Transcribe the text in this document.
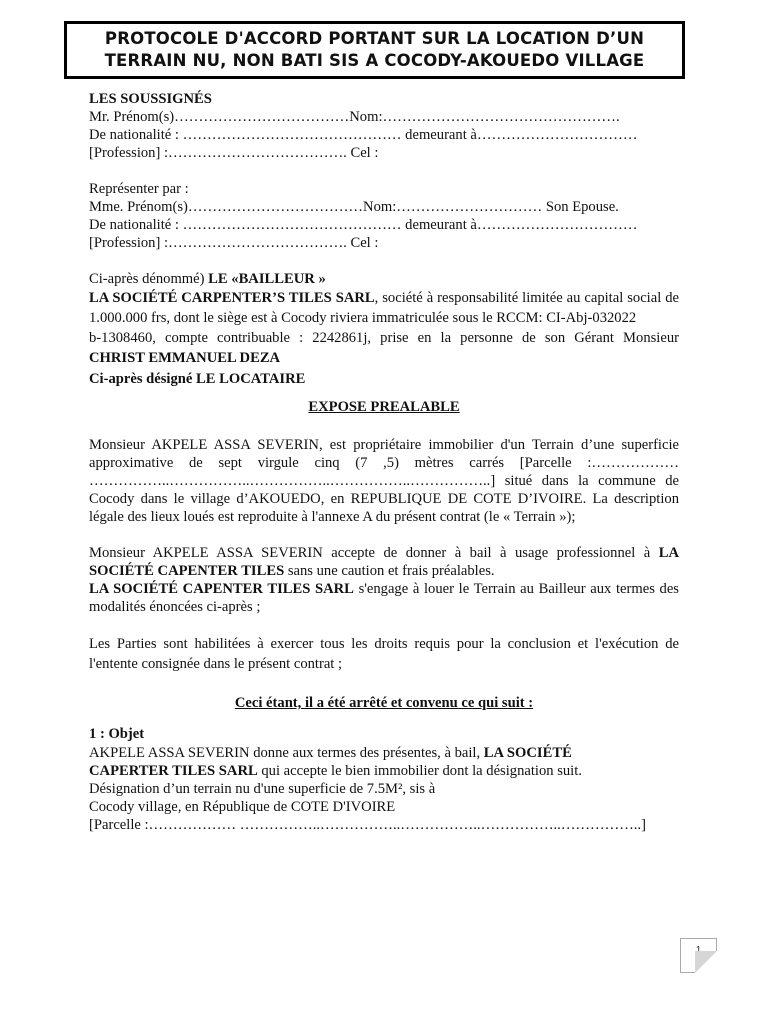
PROTOCOLE D'ACCORD PORTANT SUR LA LOCATION D’UN
TERRAIN NU, NON BATI SIS A COCODY-AKOUEDO VILLAGE
LES SOUSSIGNÉS
Mr. Prénom(s)………………………………Nom:………………………………………….
De nationalité : ……………………………………… demeurant à……………………………
[Profession] :………………………………. Cel :
Représenter par :
Mme. Prénom(s)………………………………Nom:………………………… Son Epouse.
De nationalité : ……………………………………… demeurant à……………………………
[Profession] :………………………………. Cel :
Ci-après dénommé) LE «BAILLEUR »
LA SOCIÉTÉ CARPENTER’S TILES SARL, société à responsabilité limitée au capital social de 1.000.000 frs, dont le siège est à Cocody riviera immatriculée sous le RCCM: CI-Abj-032022
b-1308460, compte contribuable : 2242861j, prise en la personne de son Gérant Monsieur
CHRIST EMMANUEL DEZA
Ci-après désigné LE LOCATAIRE
EXPOSE PREALABLE
Monsieur AKPELE ASSA SEVERIN, est propriétaire immobilier d'un Terrain d’une superficie approximative de sept virgule cinq (7 ,5) mètres carrés [Parcelle :……………… ……………..……………..……………..……………..……………..] situé dans la commune de Cocody dans le village d’AKOUEDO, en REPUBLIQUE DE COTE D’IVOIRE. La description légale des lieux loués est reproduite à l'annexe A du présent contrat (le « Terrain »);
Monsieur AKPELE ASSA SEVERIN accepte de donner à bail à usage professionnel à LA SOCIÉTÉ CAPENTER TILES sans une caution et frais préalables.
LA SOCIÉTÉ CAPENTER TILES SARL s'engage à louer le Terrain au Bailleur aux termes des modalités énoncées ci-après ;
Les Parties sont habilitées à exercer tous les droits requis pour la conclusion et l'exécution de l'entente consignée dans le présent contrat ;
Ceci étant, il a été arrêté et convenu ce qui suit :
1 : Objet
AKPELE ASSA SEVERIN donne aux termes des présentes, à bail, LA SOCIÉTÉ CAPERTER TILES SARL qui accepte le bien immobilier dont la désignation suit.
Désignation d’un terrain nu d'une superficie de 7.5M², sis à
Cocody village, en République de COTE D'IVOIRE
[Parcelle :……………… ……………..……………..……………..……………..……………..]
1
